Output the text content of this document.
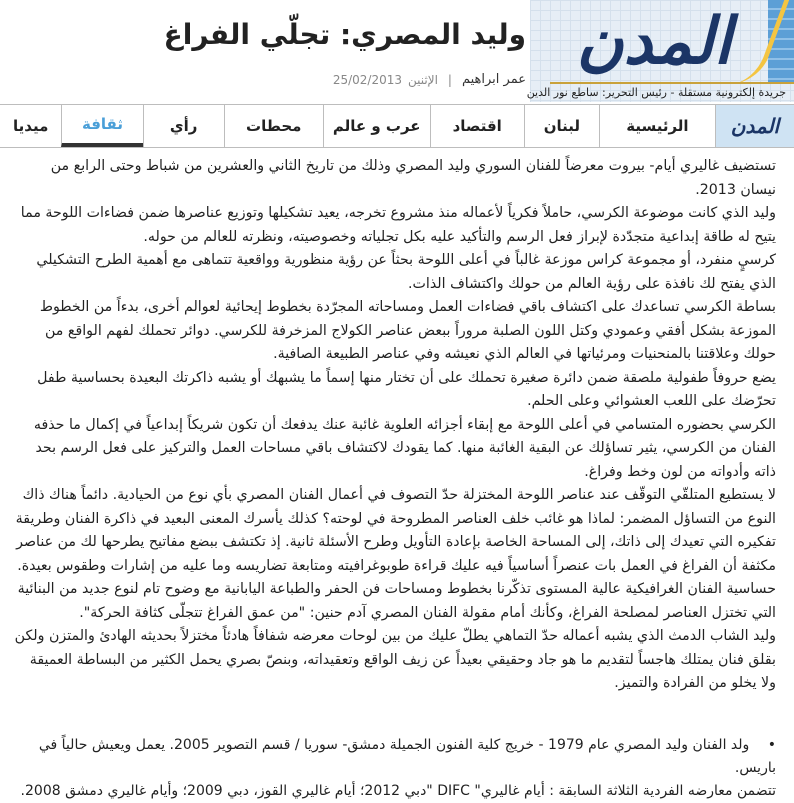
المدن
جريدة إلكترونية مستقلة - رئيس التحرير: ساطع نور الدين
وليد المصري: تجلّي الفراغ
عمر ابراهيم
|
الإثنين
25/02/2013
المدن
الرئيسية
لبنان
اقتصاد
عرب و عالم
محطات
رأي
ثقافة
ميديا

تستضيف غاليري أيام- بيروت معرضاً للفنان السوري وليد المصري وذلك من تاريخ الثاني والعشرين من شباط وحتى الرابع من نيسان 2013.

وليد الذي كانت موضوعة الكرسي، حاملاً فكرياً لأعماله منذ مشروع تخرجه، يعيد تشكيلها وتوزيع عناصرها ضمن فضاءات اللوحة مما يتيح له طاقة إبداعية متجدّدة لإبراز فعل الرسم والتأكيد عليه بكل تجلياته وخصوصيته، ونظرته للعالم من حوله.

كرسيٍ منفرد، أو مجموعة كراس موزعة غالباً في أعلى اللوحة بحثاً عن رؤية منظورية وواقعية تتماهى مع أهمية الطرح التشكيلي الذي يفتح لك نافذة على رؤية العالم من حولك واكتشاف الذات.

بساطة الكرسي تساعدك على اكتشاف باقي فضاءات العمل ومساحاته المجرّدة بخطوط إيحائية لعوالم أخرى، بدءاً من الخطوط الموزعة بشكل أفقي وعمودي وكتل اللون الصلبة مروراً ببعض عناصر الكولاج المزخرفة للكرسي. دوائر تحملك لفهم الواقع من حولك وعلاقتنا بالمنحنيات ومرئياتها في العالم الذي نعيشه وفي عناصر الطبيعة الصافية.

يضع حروفاً طفولية ملصقة ضمن دائرة صغيرة تحملك على أن تختار منها إسماً ما يشبهك أو يشبه ذاكرتك البعيدة بحساسية طفل تحرّضك على اللعب العشوائي وعلى الحلم.

الكرسي بحضوره المتسامي في أعلى اللوحة مع إبقاء أجزائه العلوية غائبة عنك يدفعك أن تكون شريكاً إبداعياً في إكمال ما حذفه الفنان من الكرسي، يثير تساؤلك عن البقية الغائبة منها. كما يقودك لاكتشاف باقي مساحات العمل والتركيز على فعل الرسم بحد ذاته وأدواته من لون وخط وفراغ.

لا يستطيع المتلقّي التوقّف عند عناصر اللوحة المختزلة حدّ التصوف في أعمال الفنان المصري بأي نوع من الحيادية. دائماً هناك ذاك النوع من التساؤل المضمر: لماذا هو غائب خلف العناصر المطروحة في لوحته؟ كذلك يأسرك المعنى البعيد في ذاكرة الفنان وطريقة تفكيره التي تعيدك إلى ذاتك، إلى المساحة الخاصة بإعادة التأويل وطرح الأسئلة ثانية. إذ تكتشف ببضع مفاتيح يطرحها لك من عناصر مكثفة أن الفراغ في العمل بات عنصراً أساسياً فيه عليك قراءة طوبوغرافيته ومتابعة تضاريسه وما عليه من إشارات وطقوس بعيدة.

حساسية الفنان الغرافيكية عالية المستوى تذكّرنا بخطوط ومساحات فن الحفر والطباعة اليابانية مع وضوح تام لنوع جديد من البنائية التي تختزل العناصر لمصلحة الفراغ، وكأنك أمام مقولة الفنان المصري آدم حنين: "من عمق الفراغ تتجلّى كثافة الحركة".

وليد الشاب الدمث الذي يشبه أعماله حدّ التماهي يطلّ عليك من بين لوحات معرضه شفافاً هادئاً مختزلاً بحديثه الهادئ والمتزن ولكن بقلق فنان يمتلك هاجساً لتقديم ما هو جاد وحقيقي بعيداً عن زيف الواقع وتعقيداته، وبنصّ بصري يحمل الكثير من البساطة العميقة ولا يخلو من الفرادة والتميز.

• ولد الفنان وليد المصري عام 1979 - خريج كلية الفنون الجميلة دمشق- سوريا / قسم التصوير 2005. يعمل ويعيش حالياً في باريس.
تتضمن معارضه الفردية الثلاثة السابقة : أيام غاليري" DIFC "دبي 2012؛ أيام غاليري القوز، دبي 2009؛ وأيام غاليري دمشق 2008.
